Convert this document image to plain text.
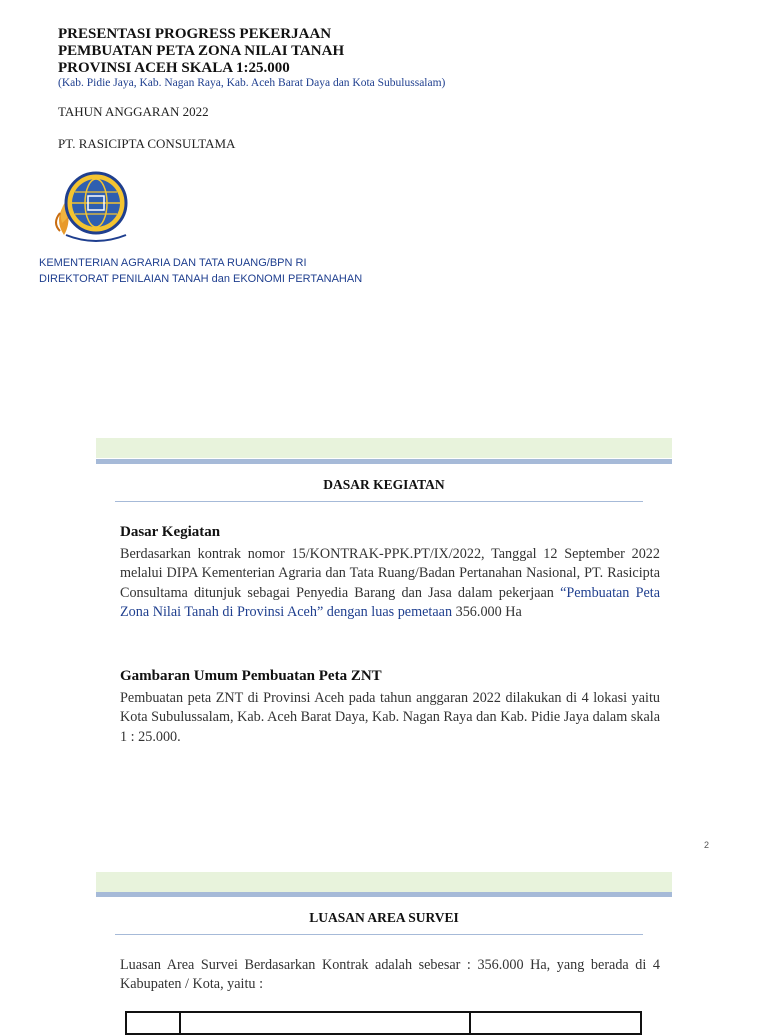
PRESENTASI PROGRESS PEKERJAAN
PEMBUATAN PETA ZONA NILAI TANAH
PROVINSI ACEH SKALA 1:25.000
(Kab. Pidie Jaya, Kab. Nagan Raya, Kab. Aceh Barat Daya dan Kota Subulussalam)
TAHUN ANGGARAN 2022
PT. RASICIPTA CONSULTAMA
KEMENTERIAN AGRARIA DAN TATA RUANG/BPN RI
DIREKTORAT PENILAIAN TANAH dan EKONOMI PERTANAHAN
DASAR KEGIATAN
Dasar Kegiatan
Berdasarkan kontrak nomor 15/KONTRAK-PPK.PT/IX/2022, Tanggal 12 September 2022 melalui DIPA Kementerian Agraria dan Tata Ruang/Badan Pertanahan Nasional, PT. Rasicipta Consultama ditunjuk sebagai Penyedia Barang dan Jasa dalam pekerjaan “Pembuatan Peta Zona Nilai Tanah di Provinsi Aceh” dengan luas pemetaan 356.000 Ha
Gambaran Umum Pembuatan Peta ZNT
Pembuatan peta ZNT di Provinsi Aceh pada tahun anggaran 2022 dilakukan di 4 lokasi yaitu Kota Subulussalam, Kab. Aceh Barat Daya, Kab. Nagan Raya dan Kab. Pidie Jaya dalam skala 1 : 25.000.
2
LUASAN AREA SURVEI
Luasan Area Survei Berdasarkan Kontrak adalah sebesar : 356.000 Ha, yang berada di 4 Kabupaten / Kota, yaitu :
